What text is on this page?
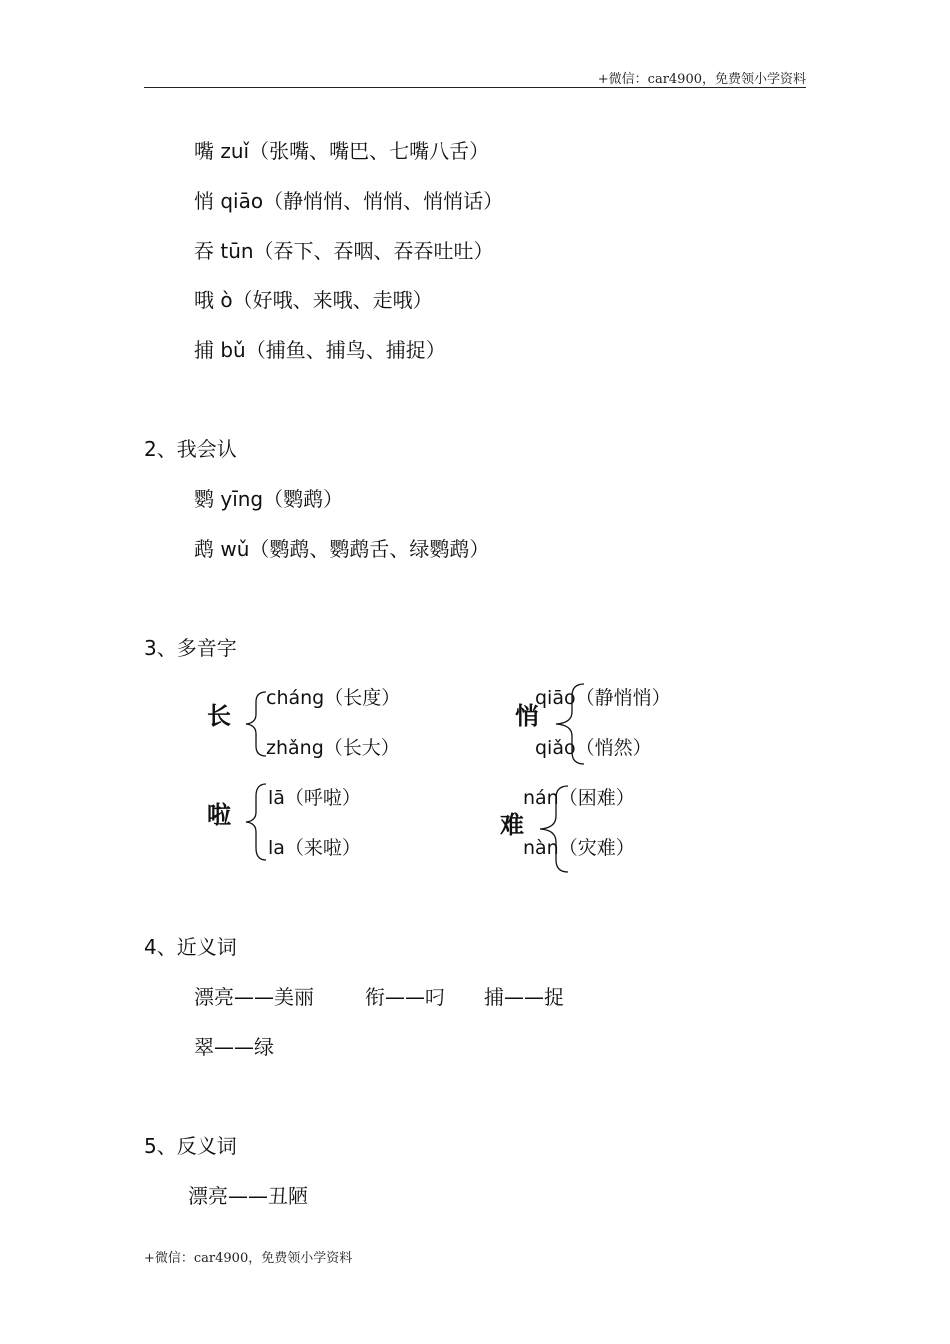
+微信：car4900，免费领小学资料
嘴 zuǐ（张嘴、嘴巴、七嘴八舌）
悄 qiāo（静悄悄、悄悄、悄悄话）
吞 tūn（吞下、吞咽、吞吞吐吐）
哦 ò（好哦、来哦、走哦）
捕 bǔ（捕鱼、捕鸟、捕捉）
2、我会认
鹦 yīng（鹦鹉）
鹉 wǔ（鹦鹉、鹦鹉舌、绿鹦鹉）
3、多音字
长
cháng（长度）
zhǎng（长大）
悄
qiāo（静悄悄）
qiǎo（悄然）
啦
lā（呼啦）
la（来啦）
难
nán（困难）
nàn（灾难）
4、近义词
漂亮——美丽	衔——叼 捕——捉
翠——绿
5、反义词
漂亮——丑陋
+微信：car4900，免费领小学资料
